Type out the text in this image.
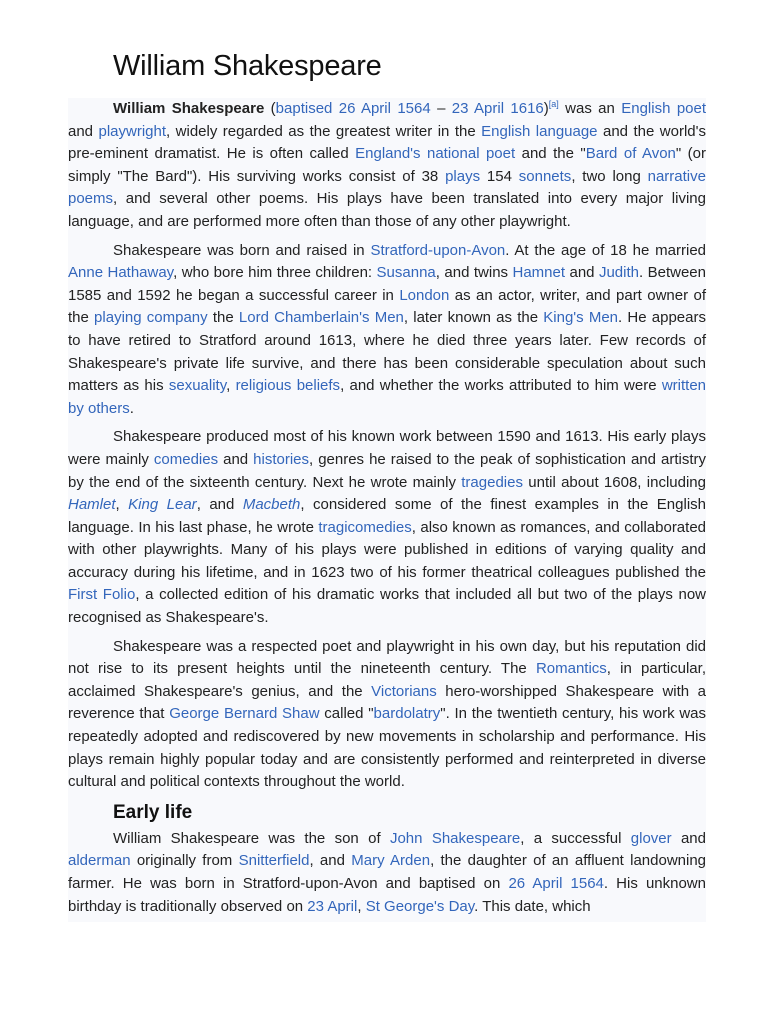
William Shakespeare

William Shakespeare (baptised 26 April 1564 – 23 April 1616)[a] was an English poet and playwright, widely regarded as the greatest writer in the English language and the world's pre-eminent dramatist. He is often called England's national poet and the "Bard of Avon" (or simply "The Bard"). His surviving works consist of 38 plays 154 sonnets, two long narrative poems, and several other poems. His plays have been translated into every major living language, and are performed more often than those of any other playwright.

Shakespeare was born and raised in Stratford-upon-Avon. At the age of 18 he married Anne Hathaway, who bore him three children: Susanna, and twins Hamnet and Judith. Between 1585 and 1592 he began a successful career in London as an actor, writer, and part owner of the playing company the Lord Chamberlain's Men, later known as the King's Men. He appears to have retired to Stratford around 1613, where he died three years later. Few records of Shakespeare's private life survive, and there has been considerable speculation about such matters as his sexuality, religious beliefs, and whether the works attributed to him were written by others.

Shakespeare produced most of his known work between 1590 and 1613. His early plays were mainly comedies and histories, genres he raised to the peak of sophistication and artistry by the end of the sixteenth century. Next he wrote mainly tragedies until about 1608, including Hamlet, King Lear, and Macbeth, considered some of the finest examples in the English language. In his last phase, he wrote tragicomedies, also known as romances, and collaborated with other playwrights. Many of his plays were published in editions of varying quality and accuracy during his lifetime, and in 1623 two of his former theatrical colleagues published the First Folio, a collected edition of his dramatic works that included all but two of the plays now recognised as Shakespeare's.

Shakespeare was a respected poet and playwright in his own day, but his reputation did not rise to its present heights until the nineteenth century. The Romantics, in particular, acclaimed Shakespeare's genius, and the Victorians hero-worshipped Shakespeare with a reverence that George Bernard Shaw called "bardolatry". In the twentieth century, his work was repeatedly adopted and rediscovered by new movements in scholarship and performance. His plays remain highly popular today and are consistently performed and reinterpreted in diverse cultural and political contexts throughout the world.

Early life

William Shakespeare was the son of John Shakespeare, a successful glover and alderman originally from Snitterfield, and Mary Arden, the daughter of an affluent landowning farmer. He was born in Stratford-upon-Avon and baptised on 26 April 1564. His unknown birthday is traditionally observed on 23 April, St George's Day. This date, which
